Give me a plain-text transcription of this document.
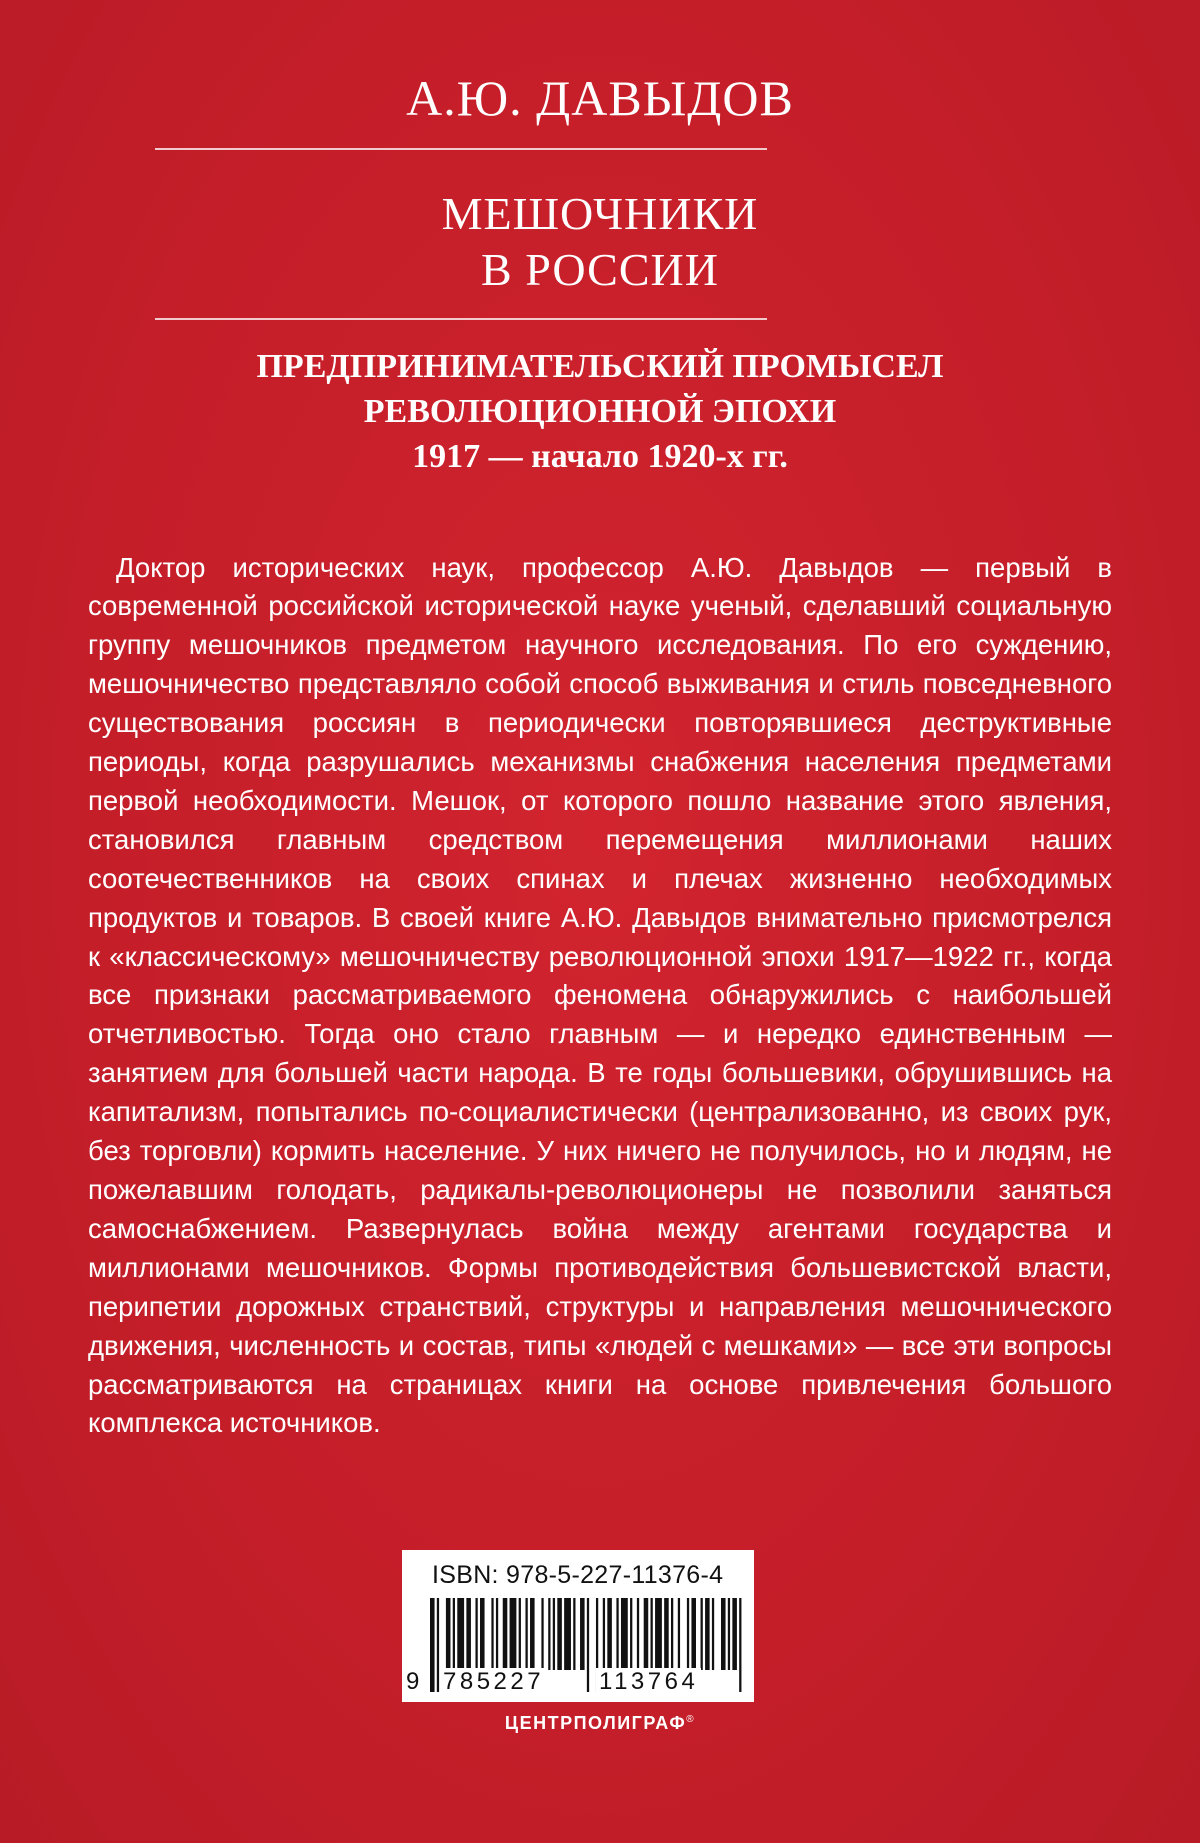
А.Ю. ДАВЫДОВ
МЕШОЧНИКИ
В РОССИИ
ПРЕДПРИНИМАТЕЛЬСКИЙ ПРОМЫСЕЛ
РЕВОЛЮЦИОННОЙ ЭПОХИ
1917 — начало 1920-х гг.

Доктор исторических наук, профессор А.Ю. Давыдов — первый в современной российской исторической науке ученый, сделавший социальную группу мешочников предметом научного исследования. По его суждению, мешочничество представляло собой способ выживания и стиль повседневного существования россиян в периодически повторявшиеся деструктивные периоды, когда разрушались механизмы снабжения населения предметами первой необходимости. Мешок, от которого пошло название этого явления, становился главным средством перемещения миллионами наших соотечественников на своих спинах и плечах жизненно необходимых продуктов и товаров. В своей книге А.Ю. Давыдов внимательно присмотрелся к «классическому» мешочничеству революционной эпохи 1917—1922 гг., когда все признаки рассматриваемого феномена обнаружились с наибольшей отчетливостью. Тогда оно стало главным — и нередко единственным — занятием для большей части народа. В те годы большевики, обрушившись на капитализм, попытались по-социалистически (централизованно, из своих рук, без торговли) кормить население. У них ничего не получилось, но и людям, не пожелавшим голодать, радикалы-революционеры не позволили заняться самоснабжением. Развернулась война между агентами государства и миллионами мешочников. Формы противодействия большевистской власти, перипетии дорожных странствий, структуры и направления мешочнического движения, численность и состав, типы «людей с мешками» — все эти вопросы рассматриваются на страницах книги на основе привлечения большого комплекса источников.

ISBN: 978-5-227-11376-4
9 785227 113764
ЦЕНТРПОЛИГРАФ®
